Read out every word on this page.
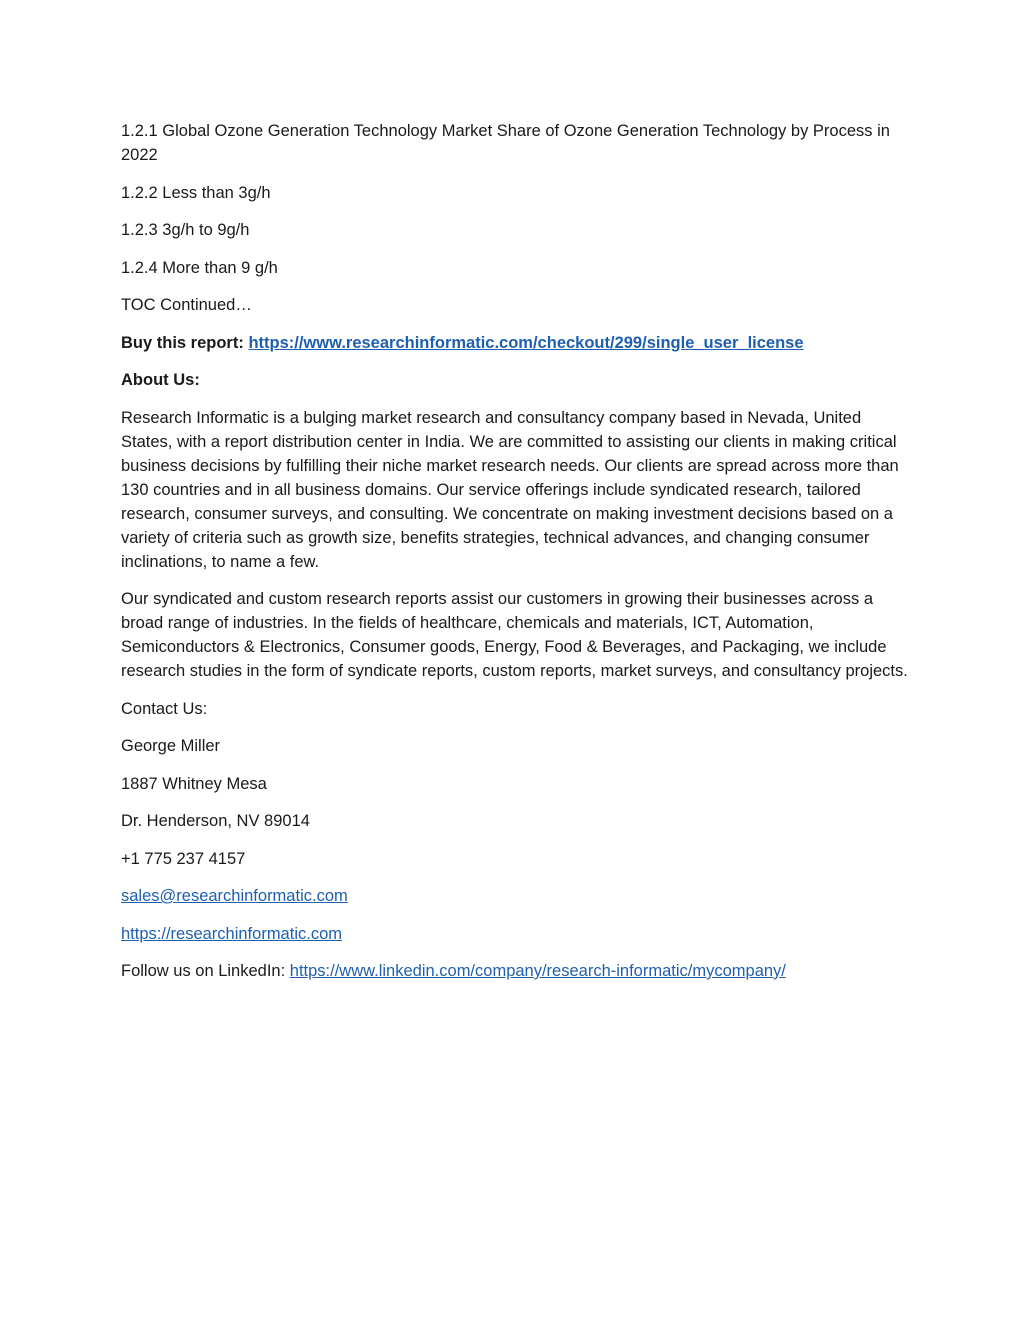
1.2.1 Global Ozone Generation Technology Market Share of Ozone Generation Technology by Process in 2022

1.2.2 Less than 3g/h

1.2.3 3g/h to 9g/h

1.2.4 More than 9 g/h

TOC Continued…

Buy this report: https://www.researchinformatic.com/checkout/299/single_user_license

About Us:

Research Informatic is a bulging market research and consultancy company based in Nevada, United States, with a report distribution center in India. We are committed to assisting our clients in making critical business decisions by fulfilling their niche market research needs. Our clients are spread across more than 130 countries and in all business domains. Our service offerings include syndicated research, tailored research, consumer surveys, and consulting. We concentrate on making investment decisions based on a variety of criteria such as growth size, benefits strategies, technical advances, and changing consumer inclinations, to name a few.

Our syndicated and custom research reports assist our customers in growing their businesses across a broad range of industries. In the fields of healthcare, chemicals and materials, ICT, Automation, Semiconductors & Electronics, Consumer goods, Energy, Food & Beverages, and Packaging, we include research studies in the form of syndicate reports, custom reports, market surveys, and consultancy projects.

Contact Us:

George Miller

1887 Whitney Mesa

Dr. Henderson, NV 89014

+1 775 237 4157

sales@researchinformatic.com

https://researchinformatic.com

Follow us on LinkedIn: https://www.linkedin.com/company/research-informatic/mycompany/
